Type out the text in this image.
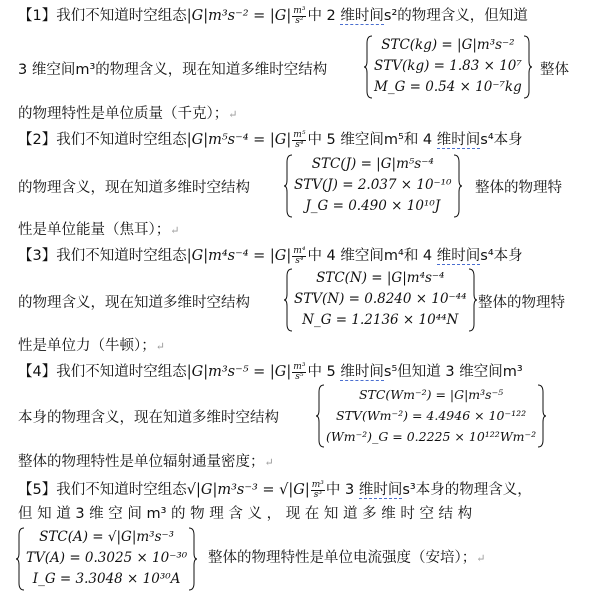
【1】我们不知道时空组态$|G|m^3s^{-2} = |G| \frac{\text{m³}}{\text{s²}}$ 中 2 维时间s²的物理含义，但知道
3 维空间m³的物理含义，现在知道多维时空结构
STC(kg) = |G|m³s⁻²
STV(kg) = 1.83̇ × 10⁷
M_G = 0.5̇4 × 10⁻⁷kg
整体
的物理特性是单位质量（千克）；↵
【2】我们不知道时空组态$|G|m^5s^{-4} = |G| \frac{\text{m⁵}}{\text{s⁴}}$ 中 5 维空间m⁵和 4 维时间s⁴本身
的物理含义，现在知道多维时空结构
STC(J) = |G|m⁵s⁻⁴
STV(J) = 2.0̇37 × 10⁻¹⁰
J_G = 0.49̇0 × 10¹⁰J
整体的物理特
性是单位能量（焦耳）；↵
【3】我们不知道时空组态$|G|m^4s^{-4} = |G| \frac{\text{m⁴}}{\text{s⁴}}$ 中 4 维空间m⁴和 4 维时间s⁴本身
的物理含义，现在知道多维时空结构
STC(N) = |G|m⁴s⁻⁴
STV(N) = 0.8240 × 10⁻⁴⁴
N_G = 1.2136 × 10⁴⁴N
整体的物理特
性是单位力（牛顿）；↵
【4】我们不知道时空组态$|G|m^3s^{-5} = |G| \frac{\text{m³}}{\text{s⁵}}$ 中 5 维时间s⁵但知道 3 维空间m³
本身的物理含义，现在知道多维时空结构
STC(Wm⁻²) = |G|m³s⁻⁵
STV(Wm⁻²) = 4.4946 × 10⁻¹²²
(Wm⁻²)_G = 0.2225 × 10¹²²Wm⁻²
整体的物理特性是单位辐射通量密度；↵
【5】我们不知道时空组态$√|G|m^3s^{-3} = √|G| \frac{\text{m³}}{\text{s³}}$ 中 3 维时间s³本身的物理含义，
但 知 道 3 维 空 间 m³ 的 物 理 含 义 ， 现 在 知 道 多 维 时 空 结 构
STC(A) = √|G|m³s⁻³
TV(A) = 0.3025 × 10⁻³⁰
I_G = 3.3048 × 10³⁰A
整体的物理特性是单位电流强度（安培）；↵
